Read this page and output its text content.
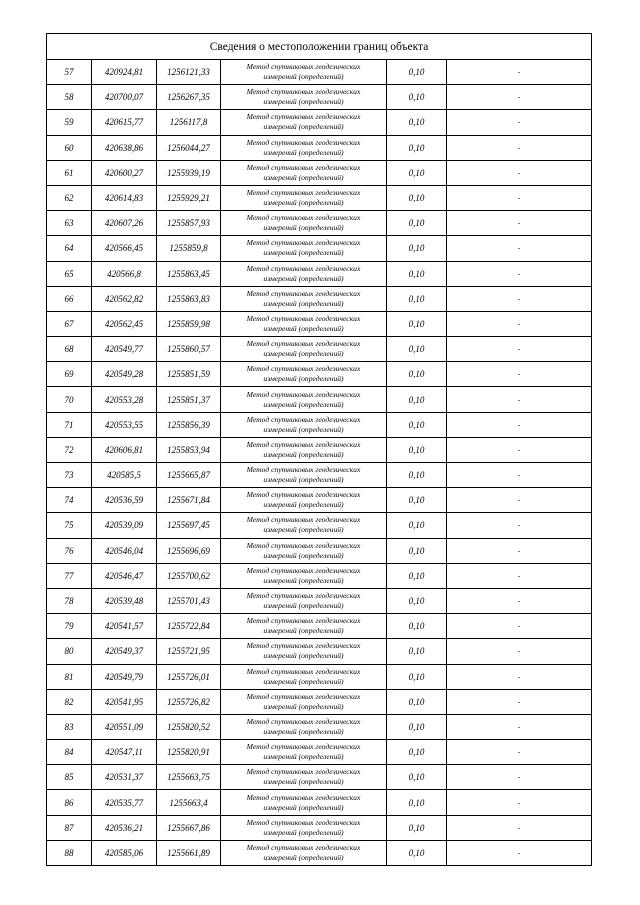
Сведения о местоположении границ объекта					
57	420924,81	1256121,33	Метод спутниковых геодезических
измерений (определений)	0,10	-
58	420700,07	1256267,35	Метод спутниковых геодезических
измерений (определений)	0,10	-
59	420615,77	1256117,8	Метод спутниковых геодезических
измерений (определений)	0,10	-
60	420638,86	1256044,27	Метод спутниковых геодезических
измерений (определений)	0,10	-
61	420600,27	1255939,19	Метод спутниковых геодезических
измерений (определений)	0,10	-
62	420614,83	1255929,21	Метод спутниковых геодезических
измерений (определений)	0,10	-
63	420607,26	1255857,93	Метод спутниковых геодезических
измерений (определений)	0,10	-
64	420566,45	1255859,8	Метод спутниковых геодезических
измерений (определений)	0,10	-
65	420566,8	1255863,45	Метод спутниковых геодезических
измерений (определений)	0,10	-
66	420562,82	1255863,83	Метод спутниковых геодезических
измерений (определений)	0,10	-
67	420562,45	1255859,98	Метод спутниковых геодезических
измерений (определений)	0,10	-
68	420549,77	1255860,57	Метод спутниковых геодезических
измерений (определений)	0,10	-
69	420549,28	1255851,59	Метод спутниковых геодезических
измерений (определений)	0,10	-
70	420553,28	1255851,37	Метод спутниковых геодезических
измерений (определений)	0,10	-
71	420553,55	1255856,39	Метод спутниковых геодезических
измерений (определений)	0,10	-
72	420606,81	1255853,94	Метод спутниковых геодезических
измерений (определений)	0,10	-
73	420585,5	1255665,87	Метод спутниковых геодезических
измерений (определений)	0,10	-
74	420536,59	1255671,84	Метод спутниковых геодезических
измерений (определений)	0,10	-
75	420539,09	1255697,45	Метод спутниковых геодезических
измерений (определений)	0,10	-
76	420546,04	1255696,69	Метод спутниковых геодезических
измерений (определений)	0,10	-
77	420546,47	1255700,62	Метод спутниковых геодезических
измерений (определений)	0,10	-
78	420539,48	1255701,43	Метод спутниковых геодезических
измерений (определений)	0,10	-
79	420541,57	1255722,84	Метод спутниковых геодезических
измерений (определений)	0,10	-
80	420549,37	1255721,95	Метод спутниковых геодезических
измерений (определений)	0,10	-
81	420549,79	1255726,01	Метод спутниковых геодезических
измерений (определений)	0,10	-
82	420541,95	1255726,82	Метод спутниковых геодезических
измерений (определений)	0,10	-
83	420551,09	1255820,52	Метод спутниковых геодезических
измерений (определений)	0,10	-
84	420547,11	1255820,91	Метод спутниковых геодезических
измерений (определений)	0,10	-
85	420531,37	1255663,75	Метод спутниковых геодезических
измерений (определений)	0,10	-
86	420535,77	1255663,4	Метод спутниковых геодезических
измерений (определений)	0,10	-
87	420536,21	1255667,86	Метод спутниковых геодезических
измерений (определений)	0,10	-
88	420585,06	1255661,89	Метод спутниковых геодезических
измерений (определений)	0,10	-
